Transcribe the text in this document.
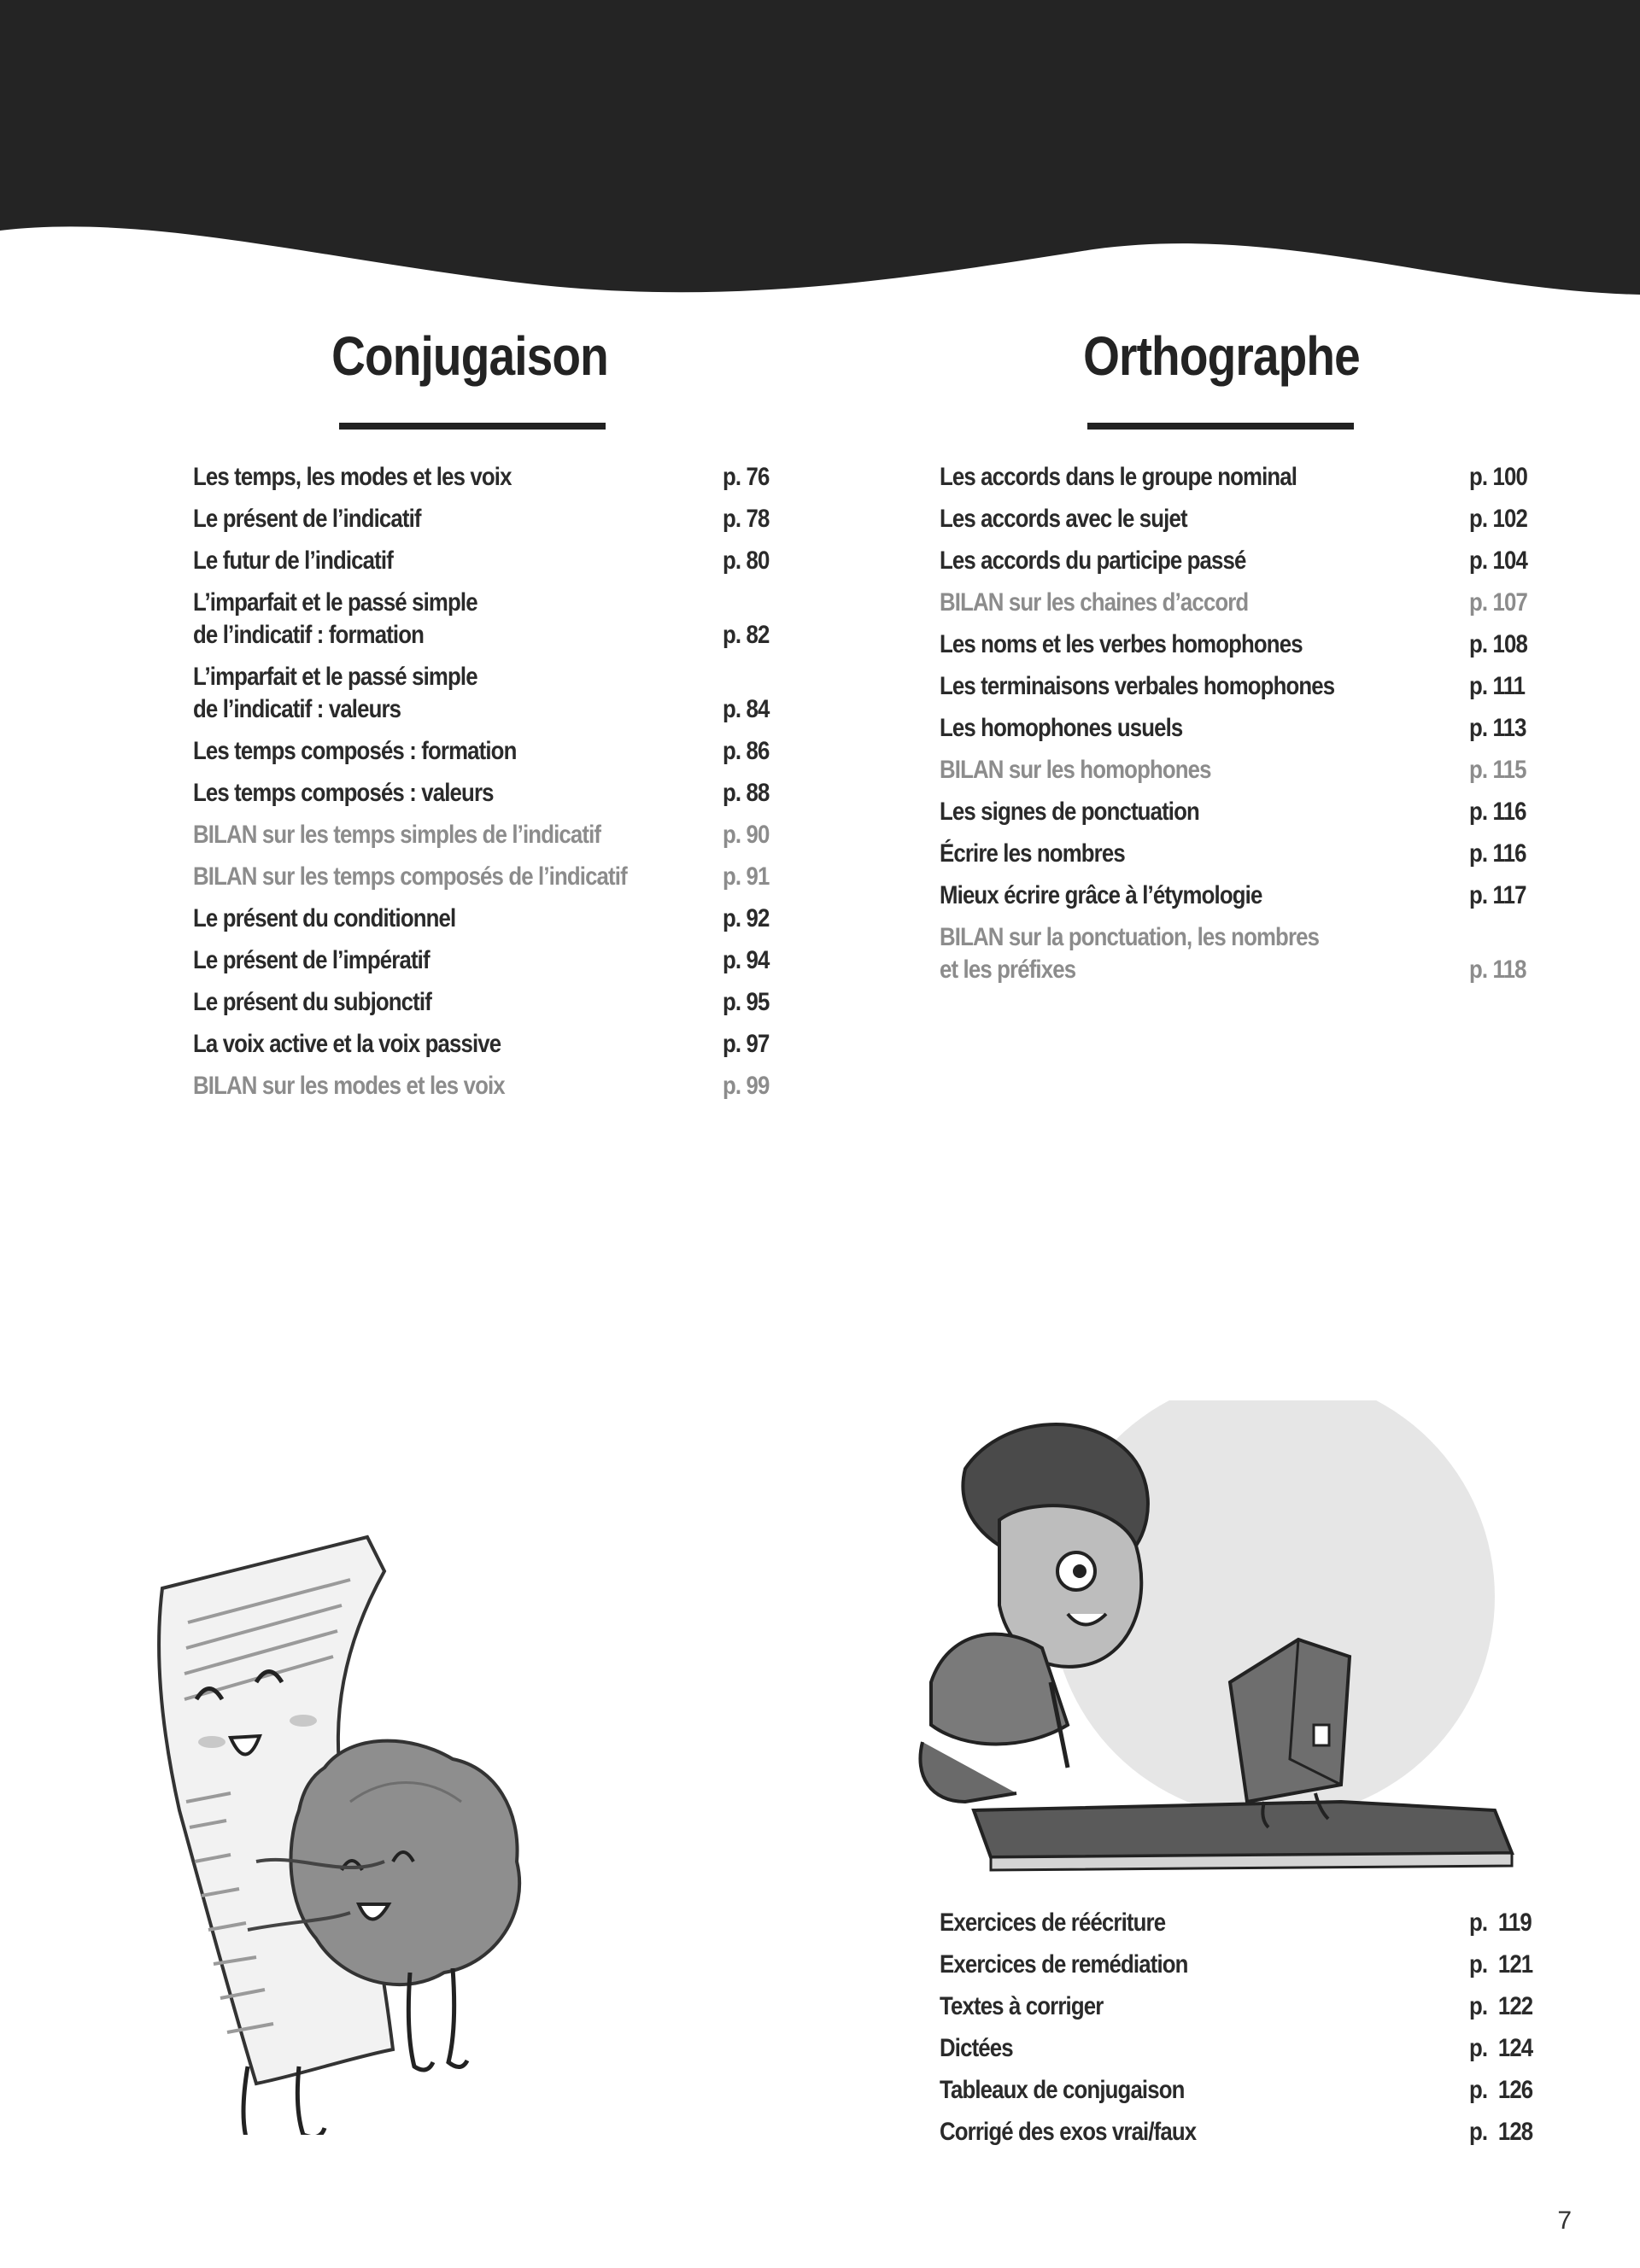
Conjugaison	Orthographe
Les temps, les modes et les voix	p. 76
Le présent de l’indicatif	p. 78
Le futur de l’indicatif	p. 80
L’imparfait et le passé simple
de l’indicatif : formation	p. 82
L’imparfait et le passé simple
de l’indicatif : valeurs	p. 84
Les temps composés : formation	p. 86
Les temps composés : valeurs	p. 88
BILAN sur les temps simples de l’indicatif	p. 90
BILAN sur les temps composés de l’indicatif	p. 91
Le présent du conditionnel	p. 92
Le présent de l’impératif	p. 94
Le présent du subjonctif	p. 95
La voix active et la voix passive	p. 97
BILAN sur les modes et les voix	p. 99
Les accords dans le groupe nominal	p. 100
Les accords avec le sujet	p. 102
Les accords du participe passé	p. 104
BILAN sur les chaines d’accord	p. 107
Les noms et les verbes homophones	p. 108
Les terminaisons verbales homophones	p. 111
Les homophones usuels	p. 113
BILAN sur les homophones	p. 115
Les signes de ponctuation	p. 116
Écrire les nombres	p. 116
Mieux écrire grâce à l’étymologie	p. 117
BILAN sur la ponctuation, les nombres
et les préfixes	p. 118
Exercices de réécriture	p.  119
Exercices de remédiation	p.  121
Textes à corriger	p.  122
Dictées	p.  124
Tableaux de conjugaison	p.  126
Corrigé des exos vrai/faux	p.  128
7
